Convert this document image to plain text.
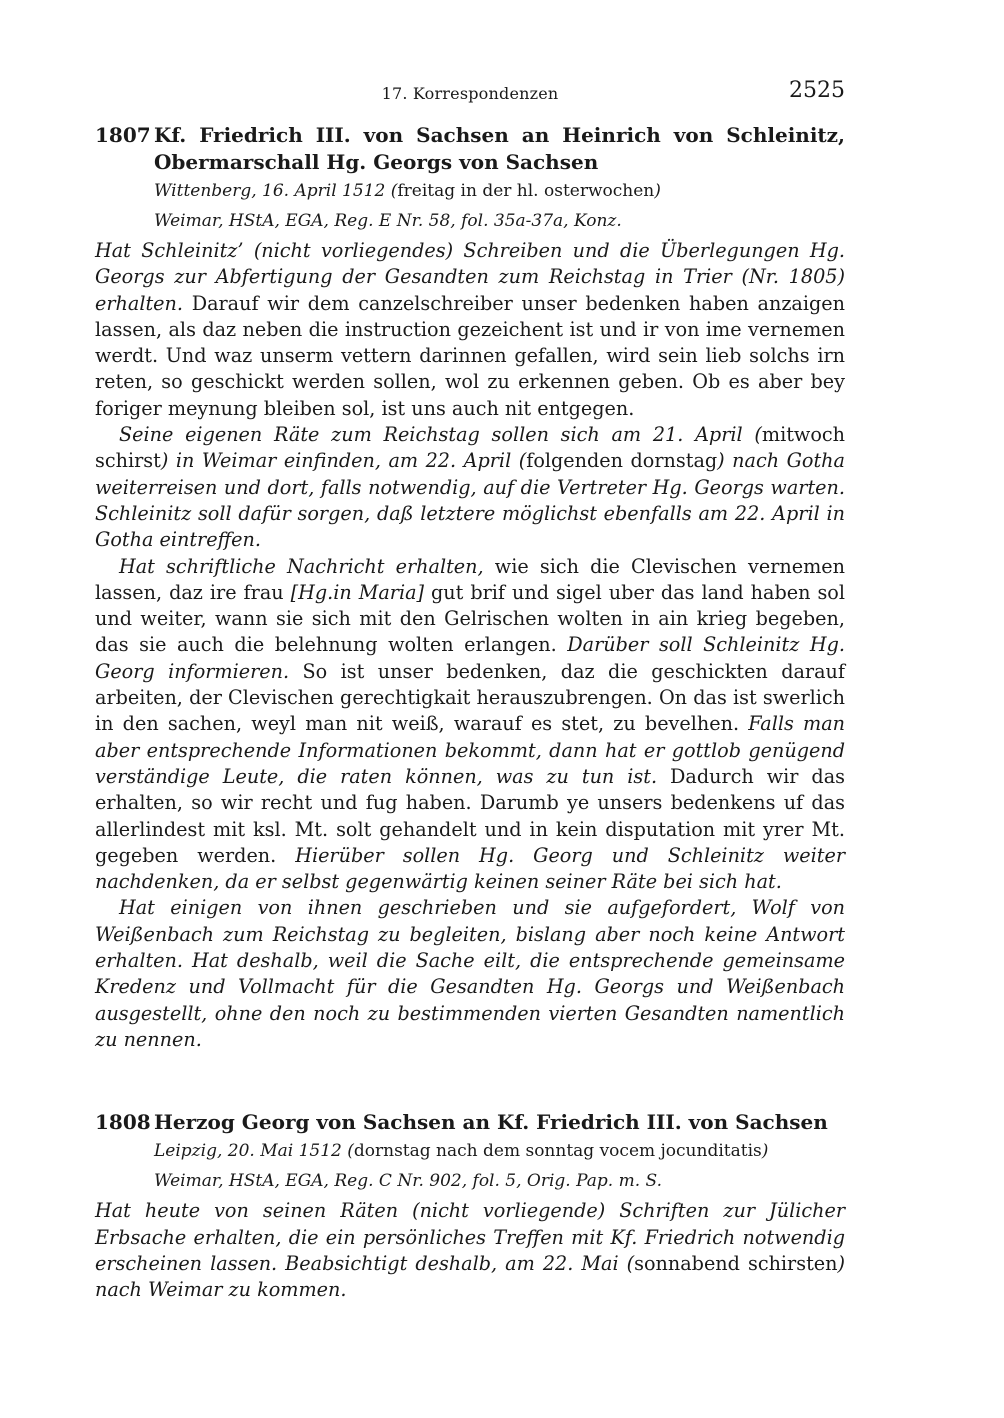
17. Korrespondenzen	2525
1807 Kf. Friedrich III. von Sachsen an Heinrich von Schleinitz, Obermarschall Hg. Georgs von Sachsen
Wittenberg, 16. April 1512 (freitag in der hl. osterwochen)
Weimar, HStA, EGA, Reg. E Nr. 58, fol. 35a-37a, Konz.

Hat Schleinitz’ (nicht vorliegendes) Schreiben und die Überlegungen Hg. Georgs zur Abfertigung der Gesandten zum Reichstag in Trier (Nr. 1805) erhalten. Darauf wir dem canzelschreiber unser bedenken haben anzaigen lassen, als daz neben die instruction gezeichent ist und ir von ime vernemen werdt. Und waz unserm vettern darinnen gefallen, wird sein lieb solchs irn reten, so geschickt werden sollen, wol zu erkennen geben. Ob es aber bey foriger meynung bleiben sol, ist uns auch nit entgegen.

Seine eigenen Räte zum Reichstag sollen sich am 21. April (mitwoch schirst) in Weimar einfinden, am 22. April (folgenden dornstag) nach Gotha weiterreisen und dort, falls notwendig, auf die Vertreter Hg. Georgs warten. Schleinitz soll dafür sorgen, daß letztere möglichst ebenfalls am 22. April in Gotha eintreffen.

Hat schriftliche Nachricht erhalten, wie sich die Clevischen vernemen lassen, daz ire frau [Hg.in Maria] gut brif und sigel uber das land haben sol und weiter, wann sie sich mit den Gelrischen wolten in ain krieg begeben, das sie auch die belehnung wolten erlangen. Darüber soll Schleinitz Hg. Georg informieren. So ist unser bedenken, daz die geschickten darauf arbeiten, der Clevischen gerechtigkait herauszubrengen. On das ist swerlich in den sachen, weyl man nit weiß, warauf es stet, zu bevelhen. Falls man aber entsprechende Informationen bekommt, dann hat er gottlob genügend verständige Leute, die raten können, was zu tun ist. Dadurch wir das erhalten, so wir recht und fug haben. Darumb ye unsers bedenkens uf das allerlindest mit ksl. Mt. solt gehandelt und in kein disputation mit yrer Mt. gegeben werden. Hierüber sollen Hg. Georg und Schleinitz weiter nachdenken, da er selbst gegenwärtig keinen seiner Räte bei sich hat.

Hat einigen von ihnen geschrieben und sie aufgefordert, Wolf von Weißenbach zum Reichstag zu begleiten, bislang aber noch keine Antwort erhalten. Hat deshalb, weil die Sache eilt, die entsprechende gemeinsame Kredenz und Vollmacht für die Gesandten Hg. Georgs und Weißenbach ausgestellt, ohne den noch zu bestimmenden vierten Gesandten namentlich zu nennen.

1808 Herzog Georg von Sachsen an Kf. Friedrich III. von Sachsen
Leipzig, 20. Mai 1512 (dornstag nach dem sonntag vocem jocunditatis)
Weimar, HStA, EGA, Reg. C Nr. 902, fol. 5, Orig. Pap. m. S.

Hat heute von seinen Räten (nicht vorliegende) Schriften zur Jülicher Erbsache erhalten, die ein persönliches Treffen mit Kf. Friedrich notwendig erscheinen lassen. Beabsichtigt deshalb, am 22. Mai (sonnabend schirsten) nach Weimar zu kommen.
